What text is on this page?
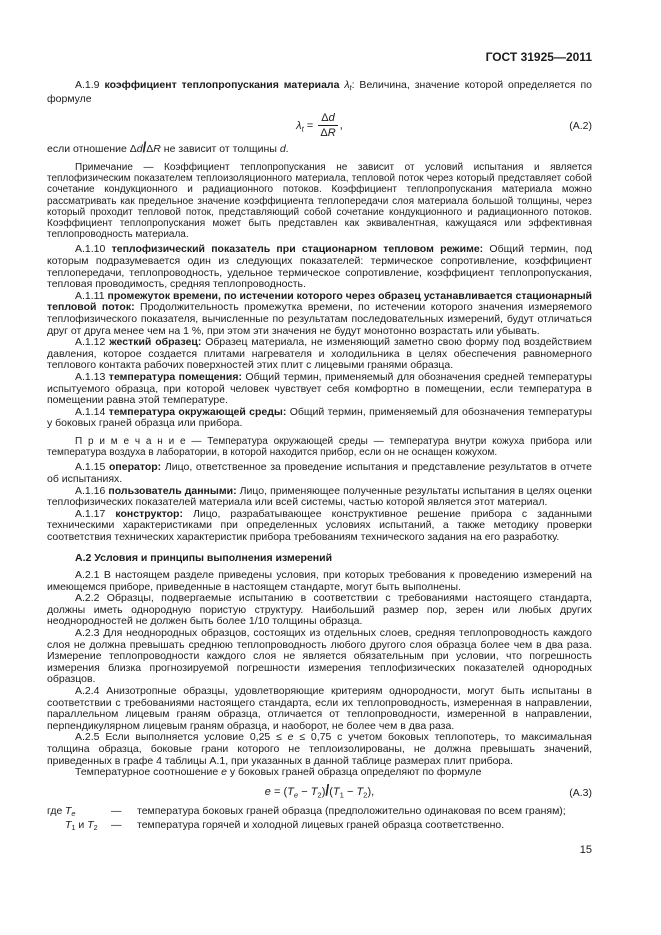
ГОСТ 31925—2011

А.1.9 коэффициент теплопропускания материала $\lambda_t$: Величина, значение которой определяется по формуле

$\lambda_t = \frac{\Delta d}{\Delta R}$ ,	(А.2)

если отношение Δd/ΔR не зависит от толщины d.

Примечание — Коэффициент теплопропускания не зависит от условий испытания и является теплофизическим показателем теплоизоляционного материала, тепловой поток через который представляет собой сочетание кондукционного и радиационного потоков. Коэффициент теплопропускания материала можно рассматривать как предельное значение коэффициента теплопередачи слоя материала большой толщины, через который проходит тепловой поток, представляющий собой сочетание кондукционного и радиационного потоков. Коэффициент теплопропускания может быть представлен как эквивалентная, кажущаяся или эффективная теплопроводность материала.

А.1.10 теплофизический показатель при стационарном тепловом режиме: Общий термин, под которым подразумевается один из следующих показателей: термическое сопротивление, коэффициент теплопередачи, теплопроводность, удельное термическое сопротивление, коэффициент теплопропускания, тепловая проводимость, средняя теплопроводность.

А.1.11 промежуток времени, по истечении которого через образец устанавливается стационарный тепловой поток: Продолжительность промежутка времени, по истечении которого значения измеряемого теплофизического показателя, вычисленные по результатам последовательных измерений, будут отличаться друг от друга менее чем на 1 %, при этом эти значения не будут монотонно возрастать или убывать.

А.1.12 жесткий образец: Образец материала, не изменяющий заметно свою форму под воздействием давления, которое создается плитами нагревателя и холодильника в целях обеспечения равномерного теплового контакта рабочих поверхностей этих плит с лицевыми гранями образца.

А.1.13 температура помещения: Общий термин, применяемый для обозначения средней температуры испытуемого образца, при которой человек чувствует себя комфортно в помещении, если температура в помещении равна этой температуре.

А.1.14 температура окружающей среды: Общий термин, применяемый для обозначения температуры у боковых граней образца или прибора.

П р и м е ч а н и е — Температура окружающей среды — температура внутри кожуха прибора или температура воздуха в лаборатории, в которой находится прибор, если он не оснащен кожухом.

А.1.15 оператор: Лицо, ответственное за проведение испытания и представление результатов в отчете об испытаниях.

А.1.16 пользователь данными: Лицо, применяющее полученные результаты испытания в целях оценки теплофизических показателей материала или всей системы, частью которой является этот материал.

А.1.17 конструктор: Лицо, разрабатывающее конструктивное решение прибора с заданными техническими характеристиками при определенных условиях испытаний, а также методику проверки соответствия технических характеристик прибора требованиям технического задания на его разработку.

А.2 Условия и принципы выполнения измерений

А.2.1 В настоящем разделе приведены условия, при которых требования к проведению измерений на имеющемся приборе, приведенные в настоящем стандарте, могут быть выполнены.

А.2.2 Образцы, подвергаемые испытанию в соответствии с требованиями настоящего стандарта, должны иметь однородную пористую структуру. Наибольший размер пор, зерен или любых других неоднородностей не должен быть более 1/10 толщины образца.

А.2.3 Для неоднородных образцов, состоящих из отдельных слоев, средняя теплопроводность каждого слоя не должна превышать среднюю теплопроводность любого другого слоя образца более чем в два раза. Измерение теплопроводности каждого слоя не является обязательным при условии, что погрешность измерения близка прогнозируемой погрешности измерения теплофизических показателей однородных образцов.

А.2.4 Анизотропные образцы, удовлетворяющие критериям однородности, могут быть испытаны в соответствии с требованиями настоящего стандарта, если их теплопроводность, измеренная в направлении, параллельном лицевым граням образца, отличается от теплопроводности, измеренной в направлении, перпендикулярном лицевым граням образца, и наоборот, не более чем в два раза.

А.2.5 Если выполняется условие 0,25 ≤ e ≤ 0,75 с учетом боковых теплопотерь, то максимальная толщина образца, боковые грани которого не теплоизолированы, не должна превышать значений, приведенных в графе 4 таблицы А.1, при указанных в данной таблице размерах плит прибора.

Температурное соотношение e у боковых граней образца определяют по формуле

$e = (T_e - T_2)/(T_1 - T_2)$,	(А.3)
где $T_e$	—	температура боковых граней образца (предположительно одинаковая по всем граням);
$T_1$ и $T_2$	—	температура горячей и холодной лицевых граней образца соответственно.
15
